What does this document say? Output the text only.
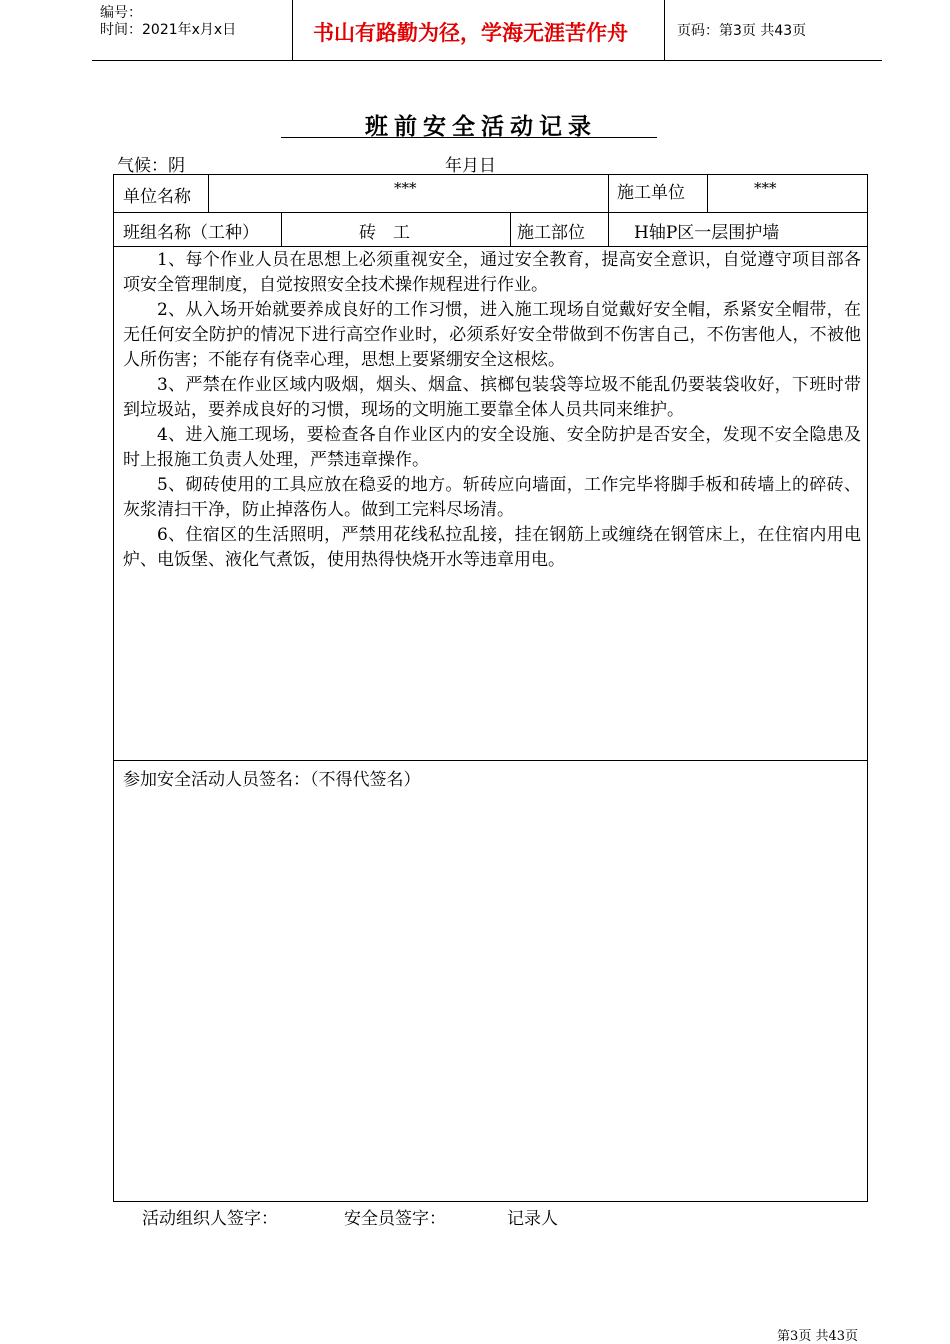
编号：
时间：2021年x月x日	书山有路勤为径，学海无涯苦作舟	页码：第3页 共43页
班前安全活动记录
气候：阴	年月日
单位名称	***	施工单位	***
班组名称（工种）	砖　工	施工部位	H轴P区一层围护墙

1、每个作业人员在思想上必须重视安全，通过安全教育，提高安全意识，自觉遵守项目部各项安全管理制度，自觉按照安全技术操作规程进行作业。

2、从入场开始就要养成良好的工作习惯，进入施工现场自觉戴好安全帽，系紧安全帽带，在无任何安全防护的情况下进行高空作业时，必须系好安全带做到不伤害自己，不伤害他人，不被他人所伤害；不能存有侥幸心理，思想上要紧绷安全这根炫。

3、严禁在作业区域内吸烟，烟头、烟盒、摈榔包装袋等垃圾不能乱仍要装袋收好，下班时带到垃圾站，要养成良好的习惯，现场的文明施工要靠全体人员共同来维护。

4、进入施工现场，要检查各自作业区内的安全设施、安全防护是否安全，发现不安全隐患及时上报施工负责人处理，严禁违章操作。

5、砌砖使用的工具应放在稳妥的地方。斩砖应向墙面，工作完毕将脚手板和砖墙上的碎砖、灰浆清扫干净，防止掉落伤人。做到工完料尽场清。

6、住宿区的生活照明，严禁用花线私拉乱接，挂在钢筋上或缠绕在钢管床上，在住宿内用电炉、电饭堡、液化气煮饭，使用热得快烧开水等违章用电。

参加安全活动人员签名：（不得代签名）
活动组织人签字：	安全员签字：	记录人
第3页 共43页
